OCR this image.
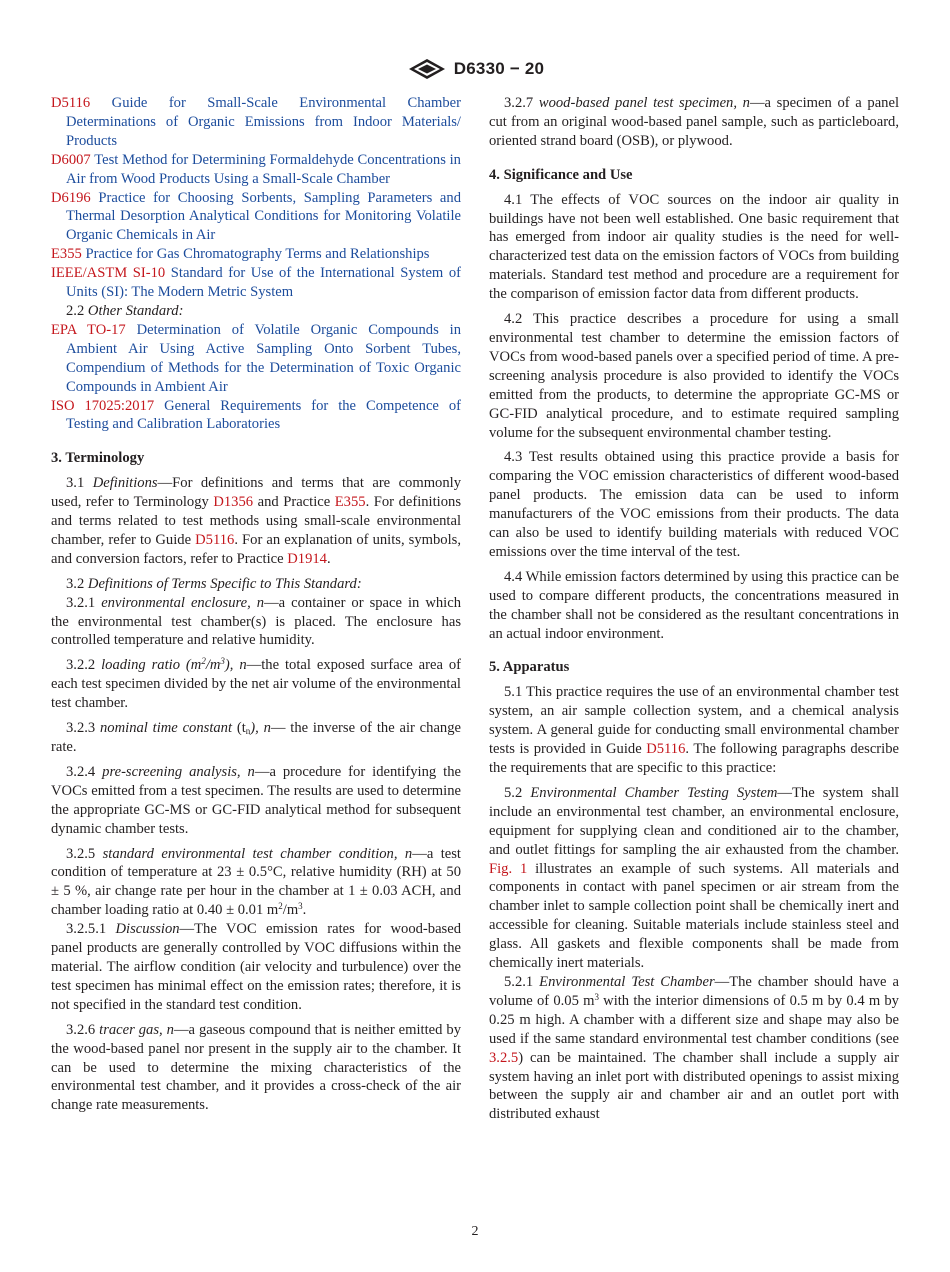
D6330 − 20

D5116 Guide for Small-Scale Environmental Chamber Determinations of Organic Emissions from Indoor Materials/ Products

D6007 Test Method for Determining Formaldehyde Concentrations in Air from Wood Products Using a Small-Scale Chamber

D6196 Practice for Choosing Sorbents, Sampling Parameters and Thermal Desorption Analytical Conditions for Monitoring Volatile Organic Chemicals in Air

E355 Practice for Gas Chromatography Terms and Relationships

IEEE/ASTM SI-10 Standard for Use of the International System of Units (SI): The Modern Metric System

2.2 Other Standard:

EPA TO-17 Determination of Volatile Organic Compounds in Ambient Air Using Active Sampling Onto Sorbent Tubes, Compendium of Methods for the Determination of Toxic Organic Compounds in Ambient Air

ISO 17025:2017 General Requirements for the Competence of Testing and Calibration Laboratories

3. Terminology

3.1 Definitions—For definitions and terms that are commonly used, refer to Terminology D1356 and Practice E355. For definitions and terms related to test methods using small-scale environmental chamber, refer to Guide D5116. For an explanation of units, symbols, and conversion factors, refer to Practice D1914.

3.2 Definitions of Terms Specific to This Standard:

3.2.1 environmental enclosure, n—a container or space in which the environmental test chamber(s) is placed. The enclosure has controlled temperature and relative humidity.

3.2.2 loading ratio $(m^2/m^3)$, n—the total exposed surface area of each test specimen divided by the net air volume of the environmental test chamber.

3.2.3 nominal time constant $(t_n)$, n— the inverse of the air change rate.

3.2.4 pre-screening analysis, n—a procedure for identifying the VOCs emitted from a test specimen. The results are used to determine the appropriate GC-MS or GC-FID analytical method for subsequent dynamic chamber tests.

3.2.5 standard environmental test chamber condition, n—a test condition of temperature at 23 ± 0.5°C, relative humidity (RH) at 50 ± 5 %, air change rate per hour in the chamber at 1 ± 0.03 ACH, and chamber loading ratio at 0.40 ± 0.01 $m^2/m^3$.

3.2.5.1 Discussion—The VOC emission rates for wood-based panel products are generally controlled by VOC diffusions within the material. The airflow condition (air velocity and turbulence) over the test specimen has minimal effect on the emission rates; therefore, it is not specified in the standard test condition.

3.2.6 tracer gas, n—a gaseous compound that is neither emitted by the wood-based panel nor present in the supply air to the chamber. It can be used to determine the mixing characteristics of the environmental test chamber, and it provides a cross-check of the air change rate measurements.

3.2.7 wood-based panel test specimen, n—a specimen of a panel cut from an original wood-based panel sample, such as particleboard, oriented strand board (OSB), or plywood.

4. Significance and Use

4.1 The effects of VOC sources on the indoor air quality in buildings have not been well established. One basic requirement that has emerged from indoor air quality studies is the need for well-characterized test data on the emission factors of VOCs from building materials. Standard test method and procedure are a requirement for the comparison of emission factor data from different products.

4.2 This practice describes a procedure for using a small environmental test chamber to determine the emission factors of VOCs from wood-based panels over a specified period of time. A pre-screening analysis procedure is also provided to identify the VOCs emitted from the products, to determine the appropriate GC-MS or GC-FID analytical procedure, and to estimate required sampling volume for the subsequent environmental chamber testing.

4.3 Test results obtained using this practice provide a basis for comparing the VOC emission characteristics of different wood-based panel products. The emission data can be used to inform manufacturers of the VOC emissions from their products. The data can also be used to identify building materials with reduced VOC emissions over the time interval of the test.

4.4 While emission factors determined by using this practice can be used to compare different products, the concentrations measured in the chamber shall not be considered as the resultant concentrations in an actual indoor environment.

5. Apparatus

5.1 This practice requires the use of an environmental chamber test system, an air sample collection system, and a chemical analysis system. A general guide for conducting small environmental chamber tests is provided in Guide D5116. The following paragraphs describe the requirements that are specific to this practice:

5.2 Environmental Chamber Testing System—The system shall include an environmental test chamber, an environmental enclosure, equipment for supplying clean and conditioned air to the chamber, and outlet fittings for sampling the air exhausted from the chamber. Fig. 1 illustrates an example of such systems. All materials and components in contact with panel specimen or air stream from the chamber inlet to sample collection point shall be chemically inert and accessible for cleaning. Suitable materials include stainless steel and glass. All gaskets and flexible components shall be made from chemically inert materials.

5.2.1 Environmental Test Chamber—The chamber should have a volume of 0.05 $m^3$ with the interior dimensions of 0.5 m by 0.4 m by 0.25 m high. A chamber with a different size and shape may also be used if the same standard environmental test chamber conditions (see 3.2.5) can be maintained. The chamber shall include a supply air system having an inlet port with distributed openings to assist mixing between the supply air and chamber air and an outlet port with distributed exhaust

2
